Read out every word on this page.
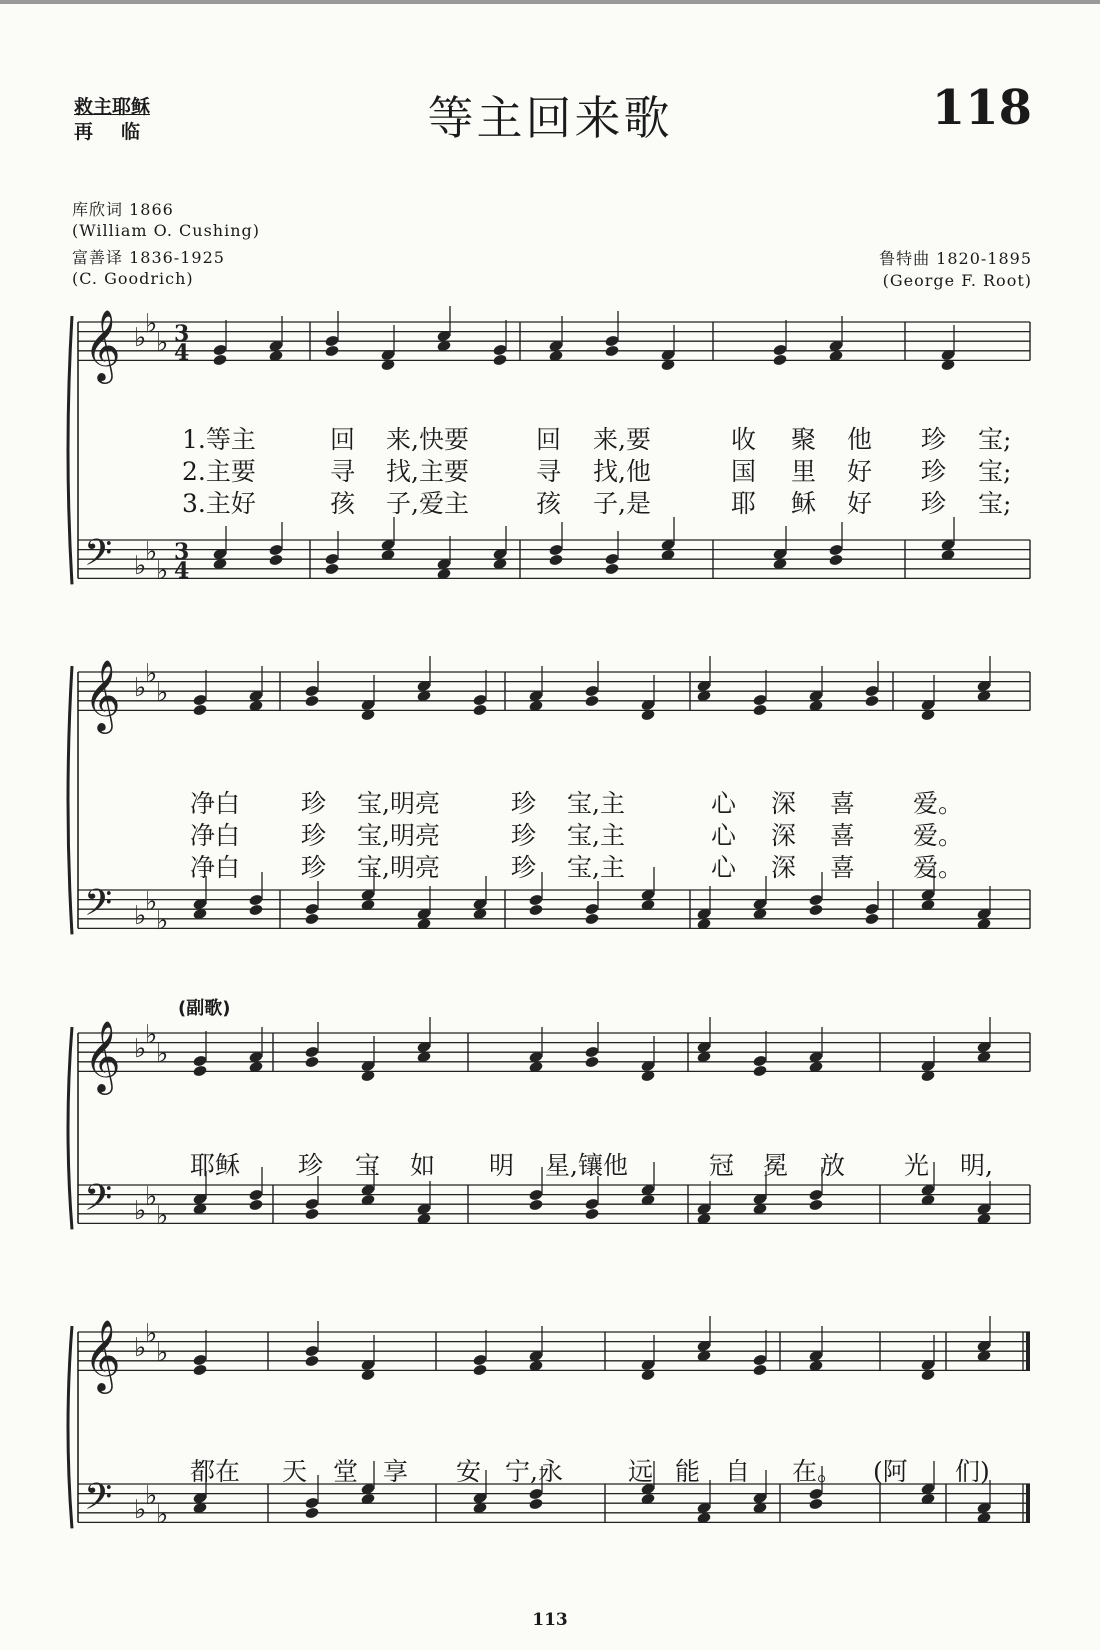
救主耶稣
再临	等主回来歌	118
库欣词 1866
(William O. Cushing)
富善译 1836-1925
(C. Goodrich)
鲁特曲 1820-1895
(George F. Root)
𝄞 ♭
♭
♭ 3
4
𝄢 ♭
♭
♭
3
4
𝄞 ♭
♭
♭
𝄢 ♭
♭
♭
𝄞 ♭
♭
♭
𝄢 ♭
♭
♭
𝄞 ♭
♭
♭
𝄢 ♭
♭
♭
(副歌)
1.等主	回 来,快要	回 来,要	收 聚 他 珍 宝;
2.主要	寻 找,主要	寻 找,他	国 里 好 珍 宝;
3.主好	孩 子,爱主	孩 子,是	耶 稣 好 珍 宝;
净白 珍 宝,明亮	珍 宝,主	心 深 喜 爱。
净白 珍 宝,明亮	珍 宝,主	心 深 喜 爱。
净白 珍 宝,明亮	珍 宝,主	心 深 喜 爱。
耶稣 珍 宝 如 明 星,镶他	冠 冕 放 光 明,
都在 天 堂 享 安 宁,永	远 能 自 在。 (阿 们)
113
